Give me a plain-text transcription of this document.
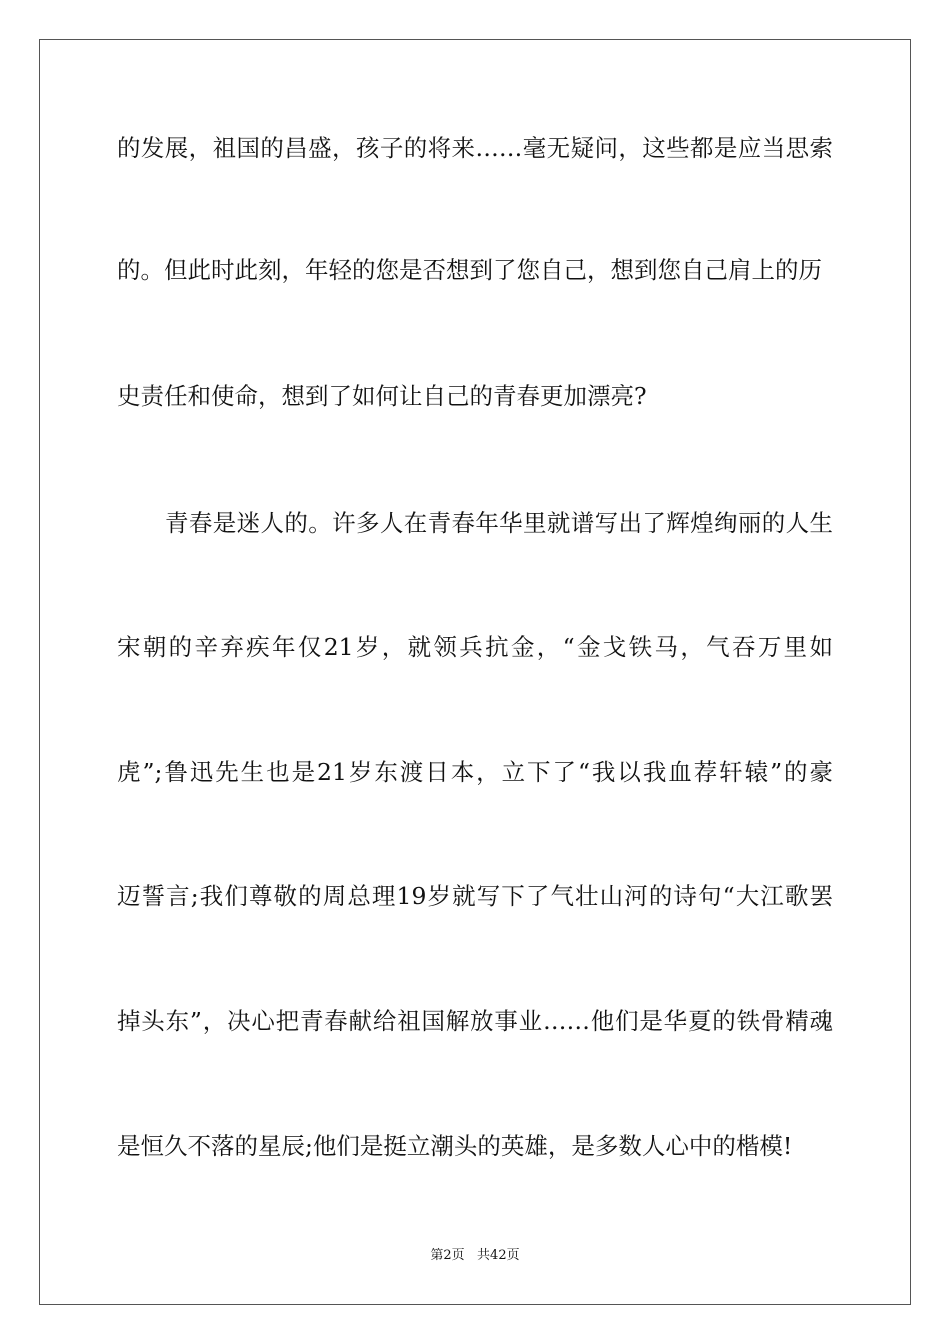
的发展，祖国的昌盛，孩子的将来……毫无疑问，这些都是应当思索
的。但此时此刻，年轻的您是否想到了您自己，想到您自己肩上的历
史责任和使命，想到了如何让自己的青春更加漂亮?
青春是迷人的。许多人在青春年华里就谱写出了辉煌绚丽的人生
宋朝的辛弃疾年仅21岁，就领兵抗金，“金戈铁马，气吞万里如
虎”;鲁迅先生也是21岁东渡日本，立下了“我以我血荐轩辕”的豪
迈誓言;我们尊敬的周总理19岁就写下了气壮山河的诗句“大江歌罢
掉头东”，决心把青春献给祖国解放事业……他们是华夏的铁骨精魂
是恒久不落的星辰;他们是挺立潮头的英雄，是多数人心中的楷模!
第2页   共42页
